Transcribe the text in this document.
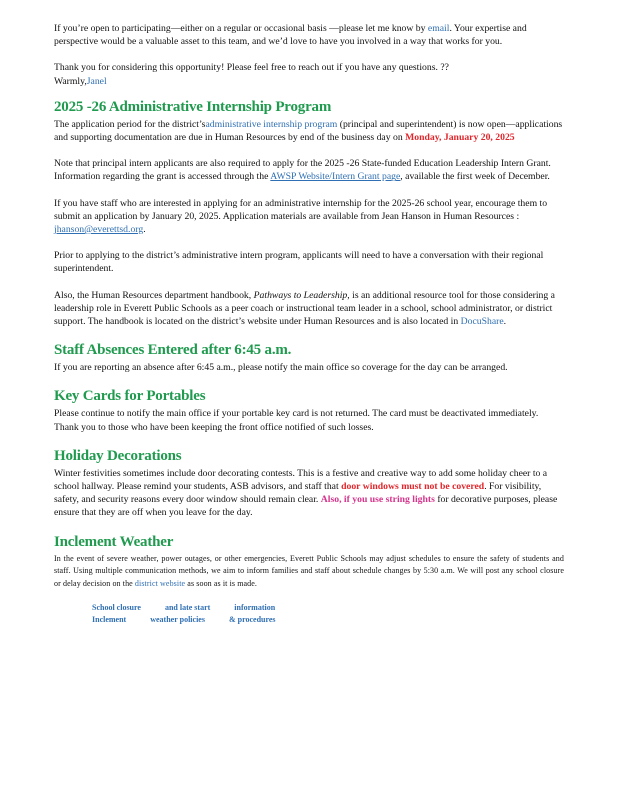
If you’re open to participating—either on a regular or occasional basis —please let me know by email. Your expertise and perspective would be a valuable asset to this team, and we’d love to have you involved in a way that works for you.

Thank you for considering this opportunity! Please feel free to reach out if you have any questions. ??
Warmly,Janel

2025 -26 Administrative Internship Program

The application period for the district’sadministrative internship program (principal and superintendent) is now open—applications and supporting documentation are due in Human Resources by end of the business day on Monday, January 20, 2025

Note that principal intern applicants are also required to apply for the 2025 -26 State-funded Education Leadership Intern Grant. Information regarding the grant is accessed through the AWSP Website/Intern Grant page, available the first week of December.

If you have staff who are interested in applying for an administrative internship for the 2025-26 school year, encourage them to submit an application by January 20, 2025. Application materials are available from Jean Hanson in Human Resources : jhanson@everettsd.org.

Prior to applying to the district’s administrative intern program, applicants will need to have a conversation with their regional superintendent.

Also, the Human Resources department handbook, Pathways to Leadership, is an additional resource tool for those considering a leadership role in Everett Public Schools as a peer coach or instructional team leader in a school, school administrator, or district support. The handbook is located on the district’s website under Human Resources and is also located in DocuShare.

Staff Absences Entered after 6:45 a.m.

If you are reporting an absence after 6:45 a.m., please notify the main office so coverage for the day can be arranged.

Key Cards for Portables

Please continue to notify the main office if your portable key card is not returned. The card must be deactivated immediately. Thank you to those who have been keeping the front office notified of such losses.

Holiday Decorations

Winter festivities sometimes include door decorating contests. This is a festive and creative way to add some holiday cheer to a school hallway. Please remind your students, ASB advisors, and staff that door windows must not be covered. For visibility, safety, and security reasons every door window should remain clear. Also, if you use string lights for decorative purposes, please ensure that they are off when you leave for the day.

Inclement Weather

In the event of severe weather, power outages, or other emergencies, Everett Public Schools may adjust schedules to ensure the safety of students and staff. Using multiple communication methods, we aim to inform families and staff about schedule changes by 5:30 a.m. We will post any school closure or delay decision on the district website as soon as it is made.

School closure	and late start	information
Inclement	weather policies	& procedures
